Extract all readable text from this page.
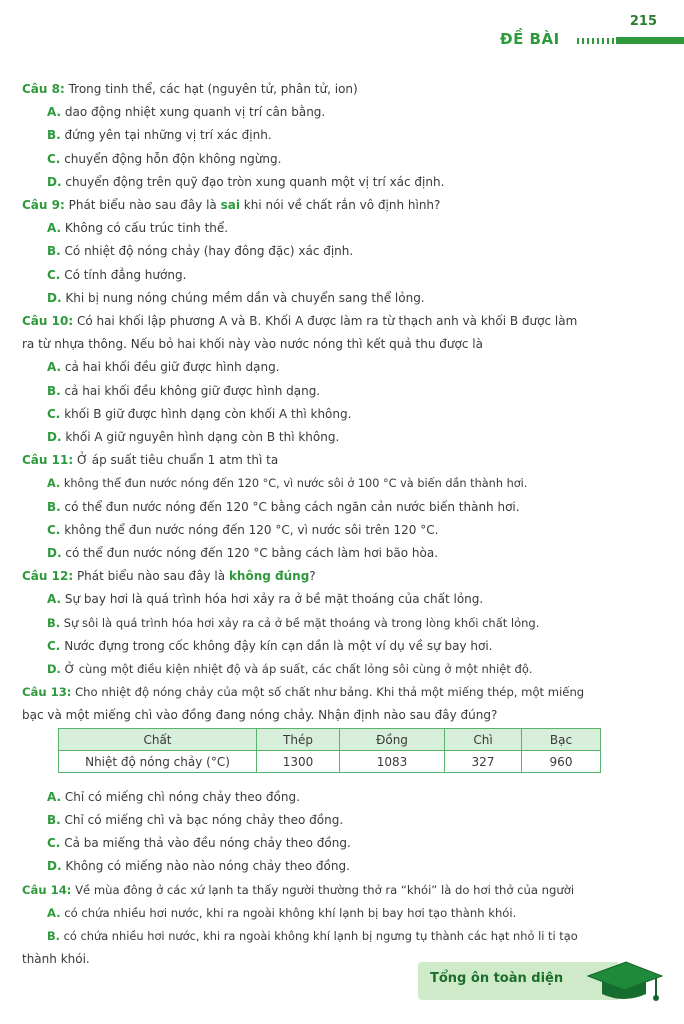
215
ĐỀ BÀI
Câu 8: Trong tinh thể, các hạt (nguyên tử, phân tử, ion)
A. dao động nhiệt xung quanh vị trí cân bằng.
B. đứng yên tại những vị trí xác định.
C. chuyển động hỗn độn không ngừng.
D. chuyển động trên quỹ đạo tròn xung quanh một vị trí xác định.
Câu 9: Phát biểu nào sau đây là sai khi nói về chất rắn vô định hình?
A. Không có cấu trúc tinh thể.
B. Có nhiệt độ nóng chảy (hay đông đặc) xác định.
C. Có tính đẳng hướng.
D. Khi bị nung nóng chúng mềm dần và chuyển sang thể lỏng.
Câu 10: Có hai khối lập phương A và B. Khối A được làm ra từ thạch anh và khối B được làm
ra từ nhựa thông. Nếu bỏ hai khối này vào nước nóng thì kết quả thu được là
A. cả hai khối đều giữ được hình dạng.
B. cả hai khối đều không giữ được hình dạng.
C. khối B giữ được hình dạng còn khối A thì không.
D. khối A giữ nguyên hình dạng còn B thì không.
Câu 11: Ở áp suất tiêu chuẩn 1 atm thì ta
A. không thể đun nước nóng đến 120 °C, vì nước sôi ở 100 °C và biến dần thành hơi.
B. có thể đun nước nóng đến 120 °C bằng cách ngăn cản nước biến thành hơi.
C. không thể đun nước nóng đến 120 °C, vì nước sôi trên 120 °C.
D. có thể đun nước nóng đến 120 °C bằng cách làm hơi bão hòa.
Câu 12: Phát biểu nào sau đây là không đúng?
A. Sự bay hơi là quá trình hóa hơi xảy ra ở bề mặt thoáng của chất lỏng.
B. Sự sôi là quá trình hóa hơi xảy ra cả ở bề mặt thoáng và trong lòng khối chất lỏng.
C. Nước đựng trong cốc không đậy kín cạn dần là một ví dụ về sự bay hơi.
D. Ở cùng một điều kiện nhiệt độ và áp suất, các chất lỏng sôi cùng ở một nhiệt độ.
Câu 13: Cho nhiệt độ nóng chảy của một số chất như bảng. Khi thả một miếng thép, một miếng
bạc và một miếng chì vào đồng đang nóng chảy. Nhận định nào sau đây đúng?
A. Chỉ có miếng chì nóng chảy theo đồng.
B. Chỉ có miếng chì và bạc nóng chảy theo đồng.
C. Cả ba miếng thả vào đều nóng chảy theo đồng.
D. Không có miếng nào nào nóng chảy theo đồng.
Câu 14: Về mùa đông ở các xứ lạnh ta thấy người thường thở ra “khói” là do hơi thở của người
A. có chứa nhiều hơi nước, khi ra ngoài không khí lạnh bị bay hơi tạo thành khói.
B. có chứa nhiều hơi nước, khi ra ngoài không khí lạnh bị ngưng tụ thành các hạt nhỏ li ti tạo
thành khói.
Chất	Thép	Đồng	Chì	Bạc
Nhiệt độ nóng chảy (°C)	1300	1083	327	960
Tổng ôn toàn diện
